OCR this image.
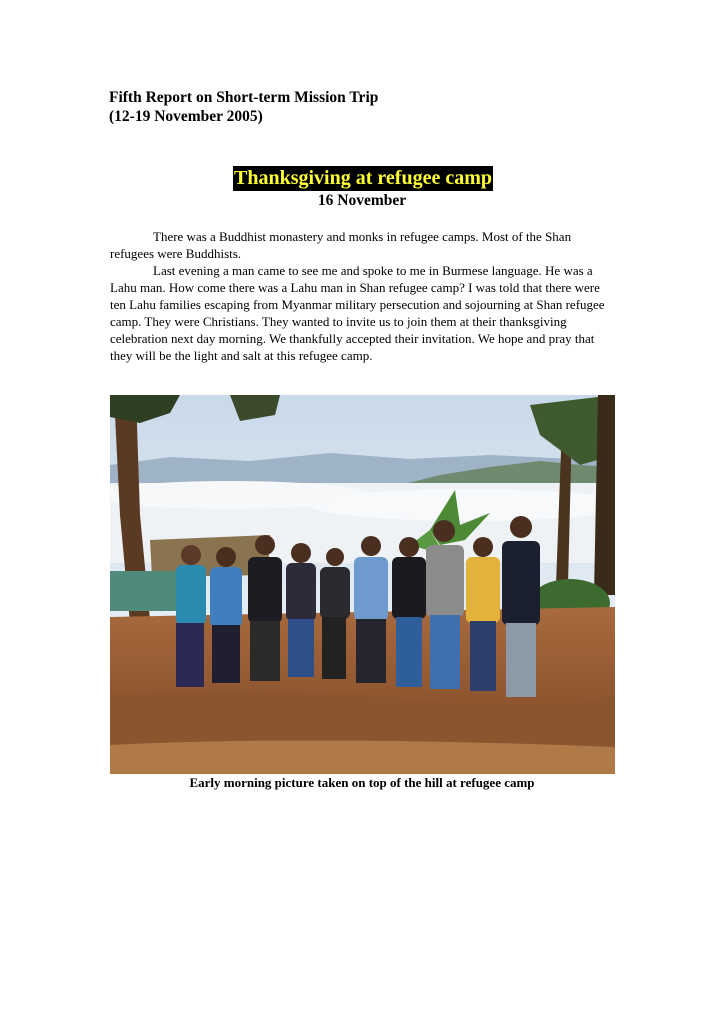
Fifth Report on Short-term Mission Trip
(12-19 November 2005)
Thanksgiving at refugee camp
16 November

There was a Buddhist monastery and monks in refugee camps. Most of the Shan refugees were Buddhists.

Last evening a man came to see me and spoke to me in Burmese language. He was a Lahu man. How come there was a Lahu man in Shan refugee camp? I was told that there were ten Lahu families escaping from Myanmar military persecution and sojourning at Shan refugee camp. They were Christians. They wanted to invite us to join them at their thanksgiving celebration next day morning. We thankfully accepted their invitation. We hope and pray that they will be the light and salt at this refugee camp.

Early morning picture taken on top of the hill at refugee camp
